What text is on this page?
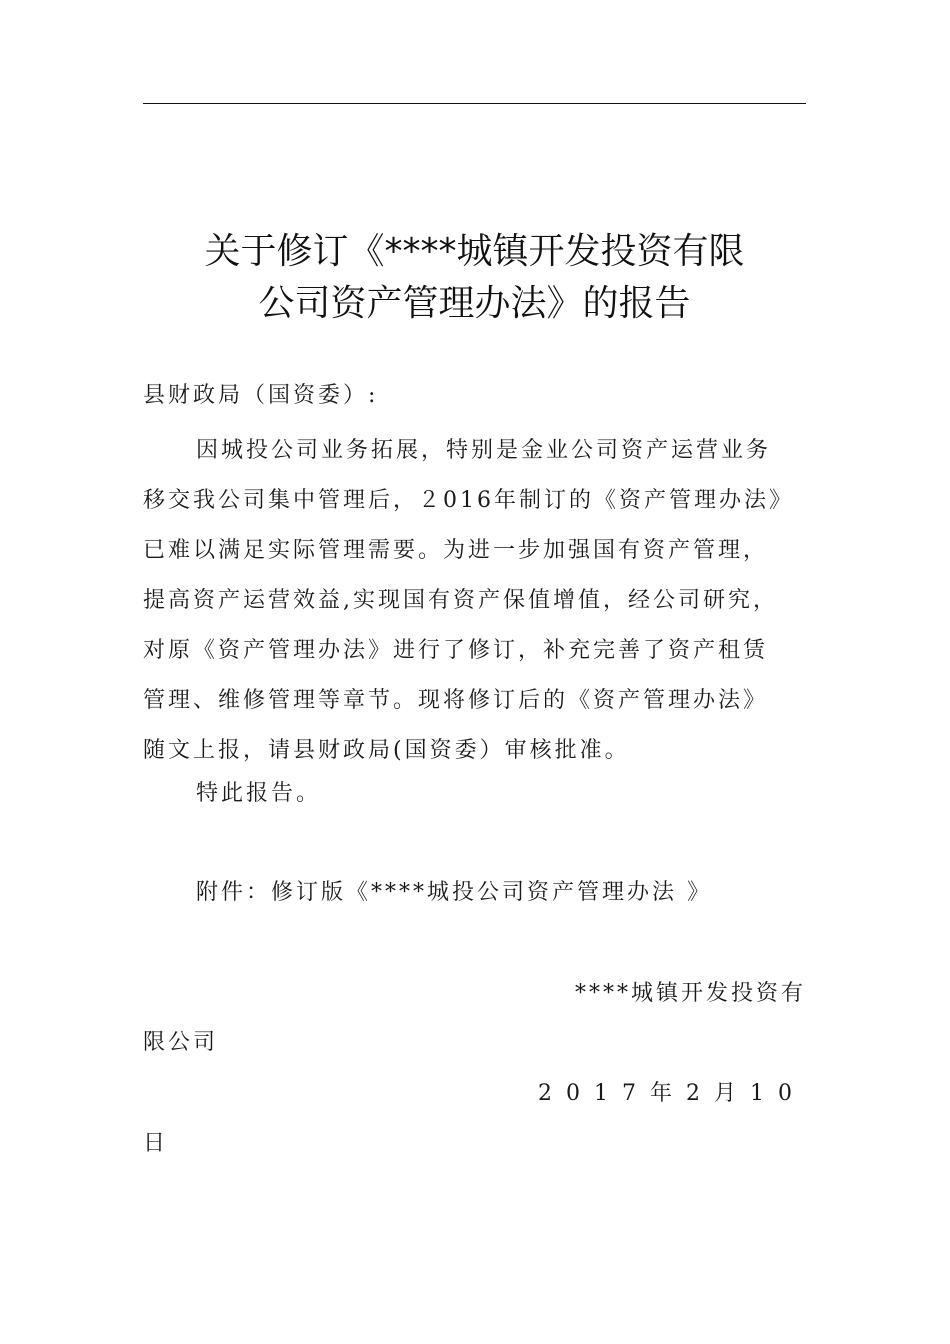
关于修订《****城镇开发投资有限
公司资产管理办法》的报告
县财政局（国资委）:
因城投公司业务拓展，特别是金业公司资产运营业务
移交我公司集中管理后，２016年制订的《资产管理办法》
已难以满足实际管理需要。为进一步加强国有资产管理，
提高资产运营效益,实现国有资产保值增值，经公司研究，
对原《资产管理办法》进行了修订，补充完善了资产租赁
管理、维修管理等章节。现将修订后的《资产管理办法》
随文上报，请县财政局(国资委）审核批准。
特此报告。
附件：修订版《****城投公司资产管理办法 》
****城镇开发投资有
限公司
2017年2月10
日
